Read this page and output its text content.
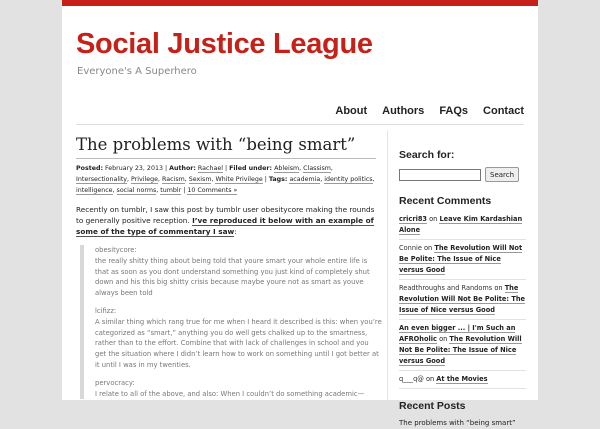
Social Justice League
Everyone's A Superhero
About Authors FAQs Contact
The problems with “being smart”
Posted: February 23, 2013 | Author: Rachael | Filed under: Ableism, Classism, Intersectionality, Privilege, Racism, Sexism, White Privilege | Tags: academia, identity politics, intelligence, social norms, tumblr | 10 Comments »

Recently on tumblr, I saw this post by tumblr user obesitycore making the rounds to generally positive reception. I’ve reproduced it below with an example of some of the type of commentary I saw:

obesitycore:
the really shitty thing about being told that youre smart your whole entire life is that as soon as you dont understand something you just kind of completely shut down and his this big shitty crisis because maybe youre not as smart as youve always been told

lcifizz:
A similar thing which rang true for me when I heard it described is this: when you’re categorized as “smart,” anything you do well gets chalked up to the smartness, rather than to the effort. Combine that with lack of challenges in school and you get the situation where I didn’t learn how to work on something until I got better at it until I was in my twenties.

pervocracy:
I relate to all of the above, and also: When I couldn’t do something academic—

Search for:
Search
Recent Comments
cricri83 on Leave Kim Kardashian Alone
Connie on The Revolution Will Not Be Polite: The Issue of Nice versus Good
Readthroughs and Randoms on The Revolution Will Not Be Polite: The Issue of Nice versus Good
An even bigger ... | I'm Such an AFROholic on The Revolution Will Not Be Polite: The Issue of Nice versus Good
q___q@ on At the Movies
Recent Posts
The problems with “being smart”
